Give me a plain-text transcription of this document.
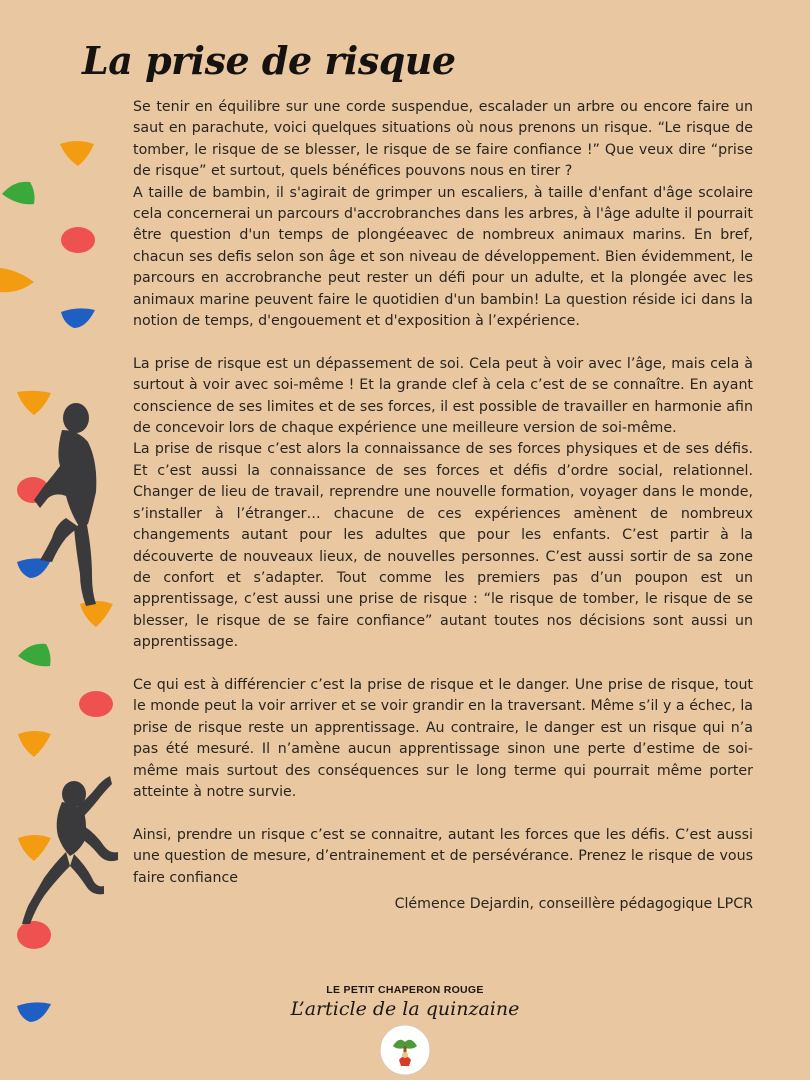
La prise de risque

Se tenir en équilibre sur une corde suspendue, escalader un arbre ou encore faire un saut en parachute, voici quelques situations où nous prenons un risque. “Le risque de tomber, le risque de se blesser, le risque de se faire confiance !” Que veux dire “prise de risque” et surtout, quels bénéfices pouvons nous en tirer ?

A taille de bambin, il s'agirait de grimper un escaliers, à taille d'enfant d'âge scolaire cela concernerai un parcours d'accrobranches dans les arbres, à l'âge adulte il pourrait être question d'un temps de plongéeavec de nombreux animaux marins. En bref, chacun ses defis selon son âge et son niveau de développement. Bien évidemment, le parcours en accrobranche peut rester un défi pour un adulte, et la plongée avec les animaux marine peuvent faire le quotidien d'un bambin! La question réside ici dans la notion de temps, d'engouement et d'exposition à l’expérience.

La prise de risque est un dépassement de soi. Cela peut à voir avec l’âge, mais cela à surtout à voir avec soi-même ! Et la grande clef à cela c’est de se connaître. En ayant conscience de ses limites et de ses forces, il est possible de travailler en harmonie afin de concevoir lors de chaque expérience une meilleure version de soi-même.

La prise de risque c’est alors la connaissance de ses forces physiques et de ses défis. Et c’est aussi la connaissance de ses forces et défis d’ordre social, relationnel. Changer de lieu de travail, reprendre une nouvelle formation, voyager dans le monde, s’installer à l’étranger… chacune de ces expériences amènent de nombreux changements autant pour les adultes que pour les enfants. C’est partir à la découverte de nouveaux lieux, de nouvelles personnes. C’est aussi sortir de sa zone de confort et s’adapter. Tout comme les premiers pas d’un poupon est un apprentissage, c’est aussi une prise de risque : “le risque de tomber, le risque de se blesser, le risque de se faire confiance” autant toutes nos décisions sont aussi un apprentissage.

Ce qui est à différencier c’est la prise de risque et le danger. Une prise de risque, tout le monde peut la voir arriver et se voir grandir en la traversant. Même s’il y a échec, la prise de risque reste un apprentissage. Au contraire, le danger est un risque qui n’a pas été mesuré. Il n’amène aucun apprentissage sinon une perte d’estime de soi-même mais surtout des conséquences sur le long terme qui pourrait même porter atteinte à notre survie.

Ainsi, prendre un risque c’est se connaitre, autant les forces que les défis. C’est aussi une question de mesure, d’entrainement et de persévérance. Prenez le risque de vous faire confiance

Clémence Dejardin, conseillère pédagogique LPCR
LE PETIT CHAPERON ROUGE
L’article de la quinzaine
